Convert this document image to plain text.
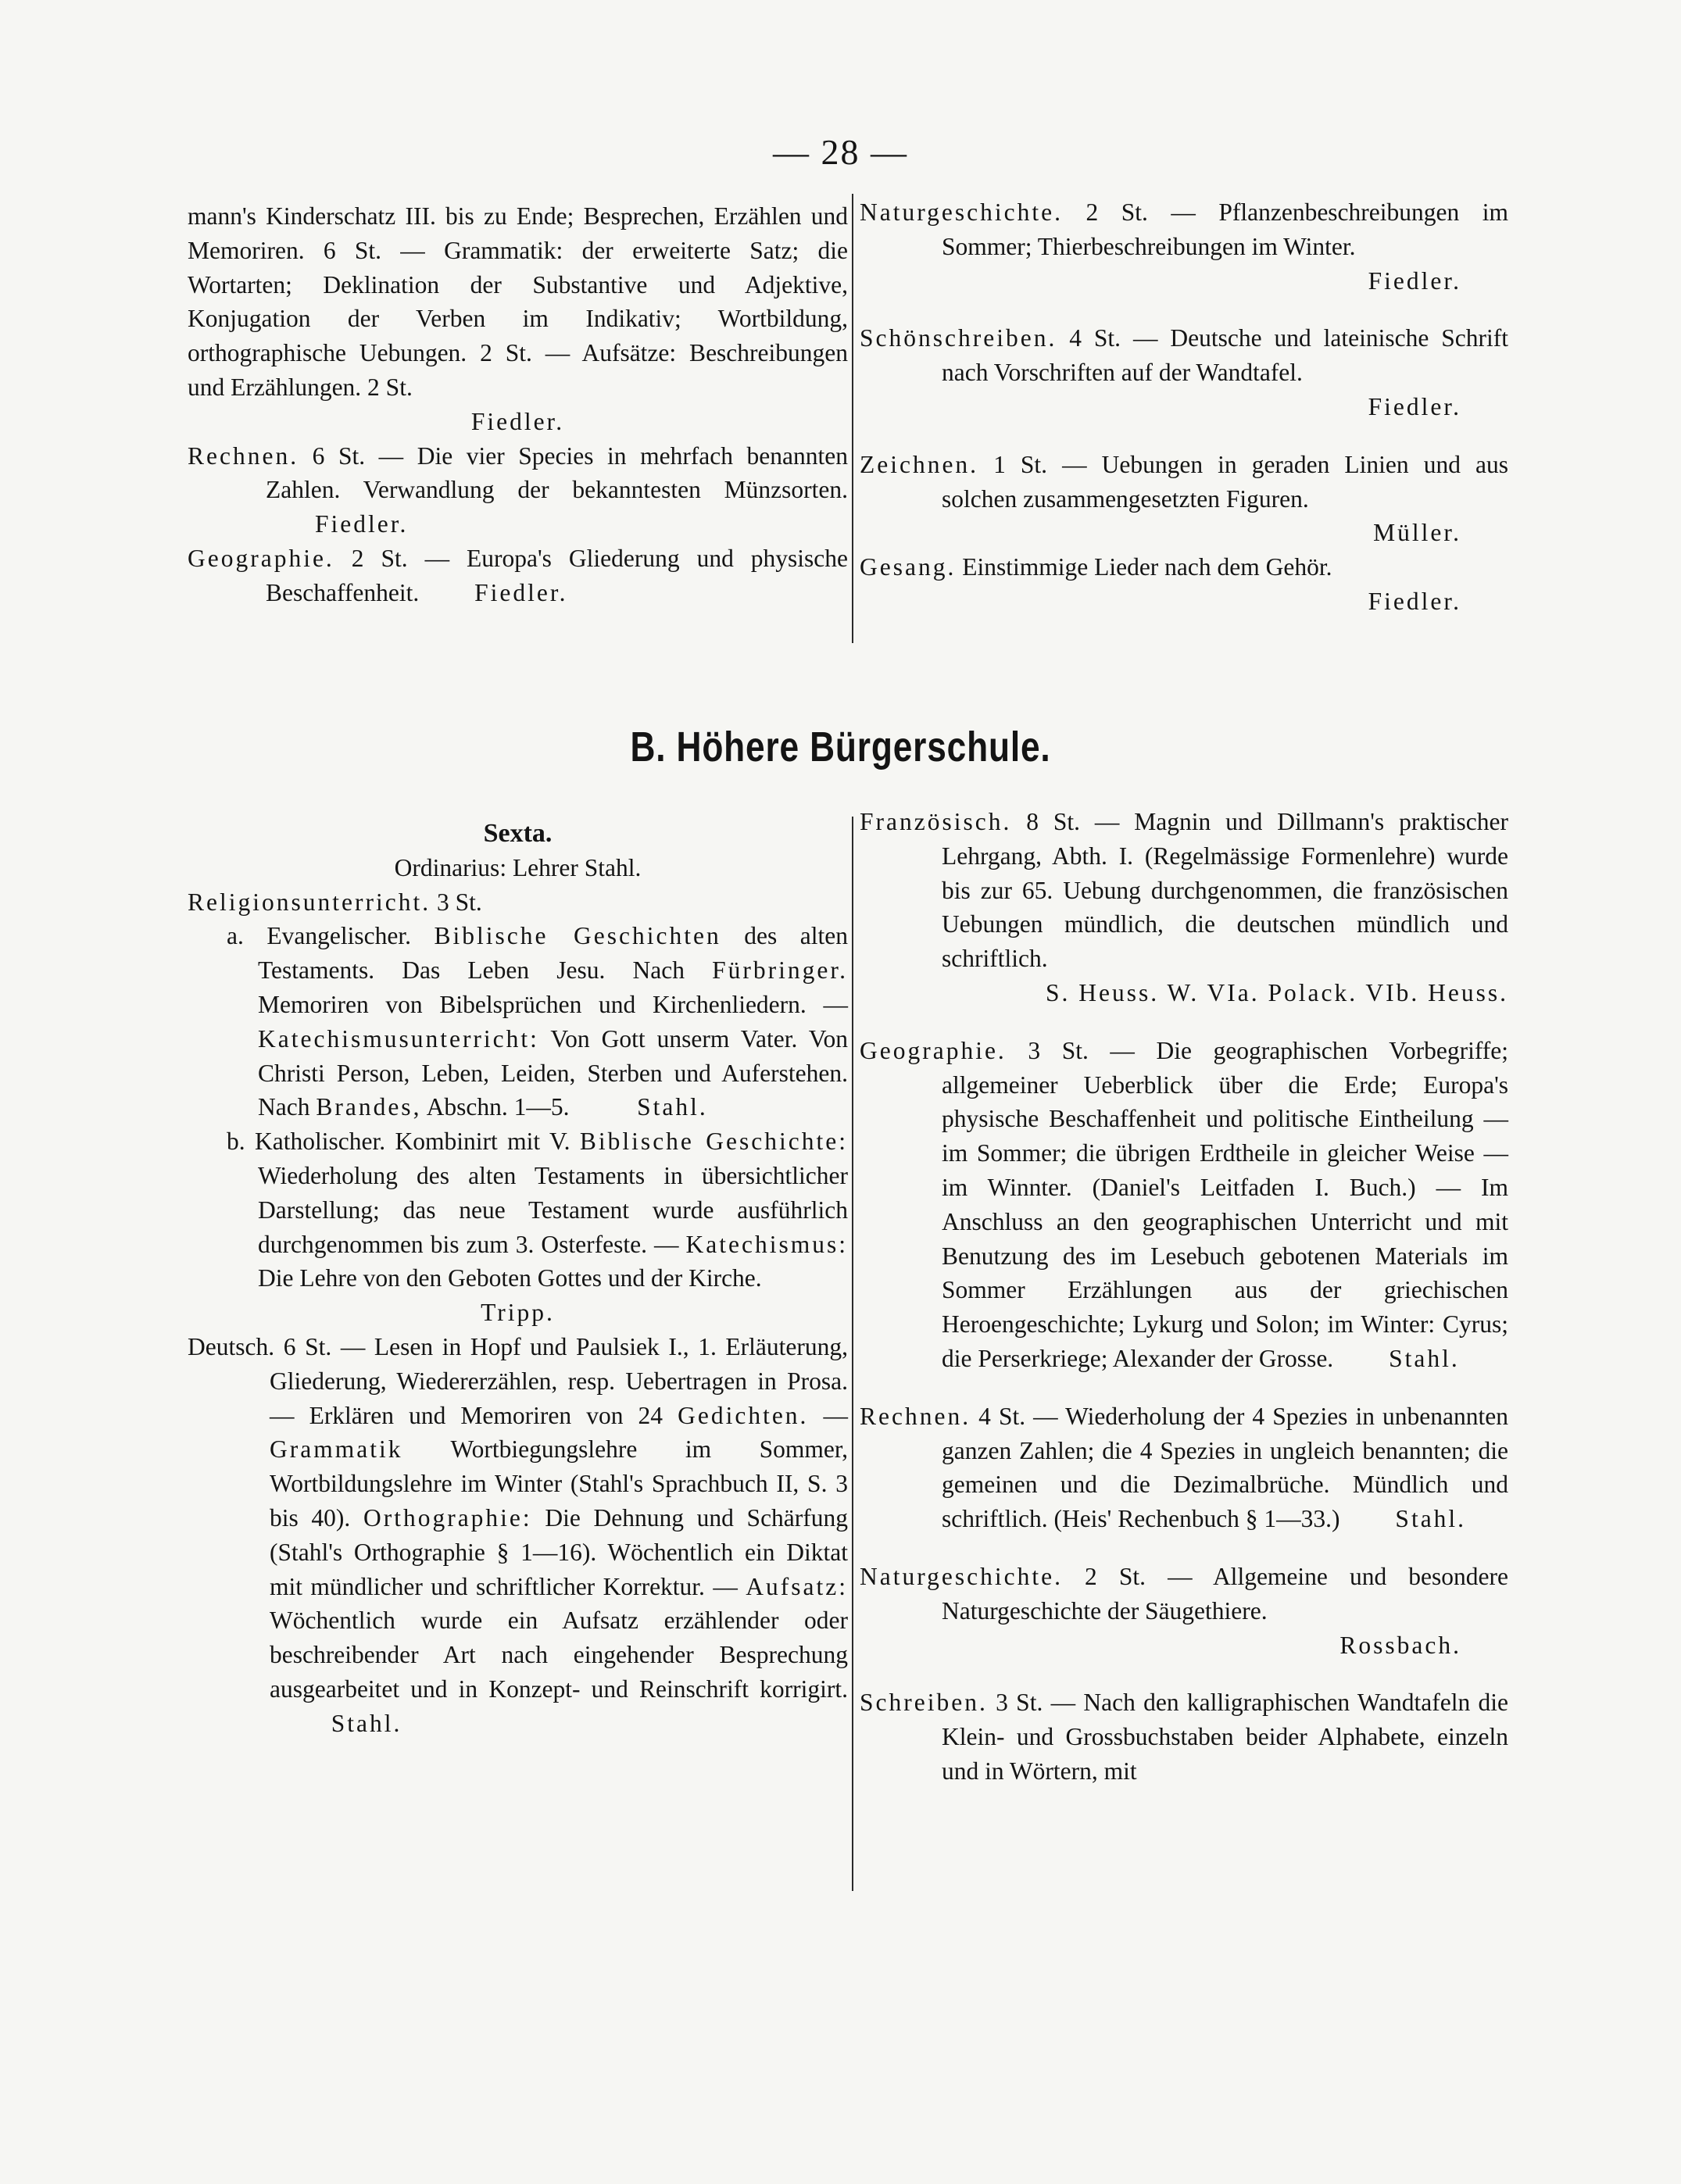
— 28 —

mann's Kinderschatz III. bis zu Ende; Besprechen, Erzählen und Memoriren. 6 St. — Grammatik: der erweiterte Satz; die Wortarten; Deklination der Substantive und Adjektive, Konjugation der Verben im Indikativ; Wortbildung, orthographische Uebungen. 2 St. — Aufsätze: Beschreibungen und Erzählungen. 2 St.

Fiedler.

Rechnen. 6 St. — Die vier Species in mehrfach benannten Zahlen. Verwandlung der bekanntesten Münzsorten.         Fiedler.

Geographie. 2 St. — Europa's Gliederung und physische Beschaffenheit. Fiedler.

Naturgeschichte. 2 St. — Pflanzenbeschreibungen im Sommer; Thierbeschreibungen im Winter.

Fiedler.

Schönschreiben. 4 St. — Deutsche und lateinische Schrift nach Vorschriften auf der Wandtafel.

Fiedler.

Zeichnen. 1 St. — Uebungen in geraden Linien und aus solchen zusammengesetzten Figuren.

Müller.

Gesang. Einstimmige Lieder nach dem Gehör.

Fiedler.

B. Höhere Bürgerschule.

Sexta.

Ordinarius: Lehrer Stahl.

Religionsunterricht. 3 St.

a. Evangelischer. Biblische Geschichten des alten Testaments. Das Leben Jesu. Nach Fürbringer. Memoriren von Bibelsprüchen und Kirchenliedern. — Katechismusunterricht: Von Gott unserm Vater. Von Christi Person, Leben, Leiden, Sterben und Auferstehen. Nach Brandes, Abschn. 1—5.	Stahl.

b. Katholischer. Kombinirt mit V. Biblische Geschichte: Wiederholung des alten Testaments in übersichtlicher Darstellung; das neue Testament wurde ausführlich durchgenommen bis zum 3. Osterfeste. — Katechismus: Die Lehre von den Geboten Gottes und der Kirche.

Tripp.

Deutsch. 6 St. — Lesen in Hopf und Paulsiek I., 1. Erläuterung, Gliederung, Wiedererzählen, resp. Uebertragen in Prosa. — Erklären und Memoriren von 24 Gedichten. — Grammatik Wortbiegungslehre im Sommer, Wortbildungslehre im Winter (Stahl's Sprachbuch II, S. 3 bis 40). Orthographie: Die Dehnung und Schärfung (Stahl's Orthographie § 1—16). Wöchentlich ein Diktat mit mündlicher und schriftlicher Korrektur. — Aufsatz: Wöchentlich wurde ein Aufsatz erzählender oder beschreibender Art nach eingehender Besprechung ausgearbeitet und in Konzept- und Reinschrift korrigirt.           Stahl.

Französisch. 8 St. — Magnin und Dillmann's praktischer Lehrgang, Abth. I. (Regelmässige Formenlehre) wurde bis zur 65. Uebung durchgenommen, die französischen Uebungen mündlich, die deutschen mündlich und schriftlich.

S. Heuss. W. VIa. Polack. VIb. Heuss.

Geographie. 3 St. — Die geographischen Vorbegriffe; allgemeiner Ueberblick über die Erde; Europa's physische Beschaffenheit und politische Eintheilung — im Sommer; die übrigen Erdtheile in gleicher Weise — im Winnter. (Daniel's Leitfaden I. Buch.) — Im Anschluss an den geographischen Unterricht und mit Benutzung des im Lesebuch gebotenen Materials im Sommer Erzählungen aus der griechischen Heroengeschichte; Lykurg und Solon; im Winter: Cyrus; die Perserkriege; Alexander der Grosse. Stahl.

Rechnen. 4 St. — Wiederholung der 4 Spezies in unbenannten ganzen Zahlen; die 4 Spezies in ungleich benannten; die gemeinen und die Dezimalbrüche. Mündlich und schriftlich. (Heis' Rechenbuch § 1—33.) Stahl.

Naturgeschichte. 2 St. — Allgemeine und besondere Naturgeschichte der Säugethiere.

Rossbach.

Schreiben. 3 St. — Nach den kalligraphischen Wandtafeln die Klein- und Grossbuchstaben beider Alphabete, einzeln und in Wörtern, mit
